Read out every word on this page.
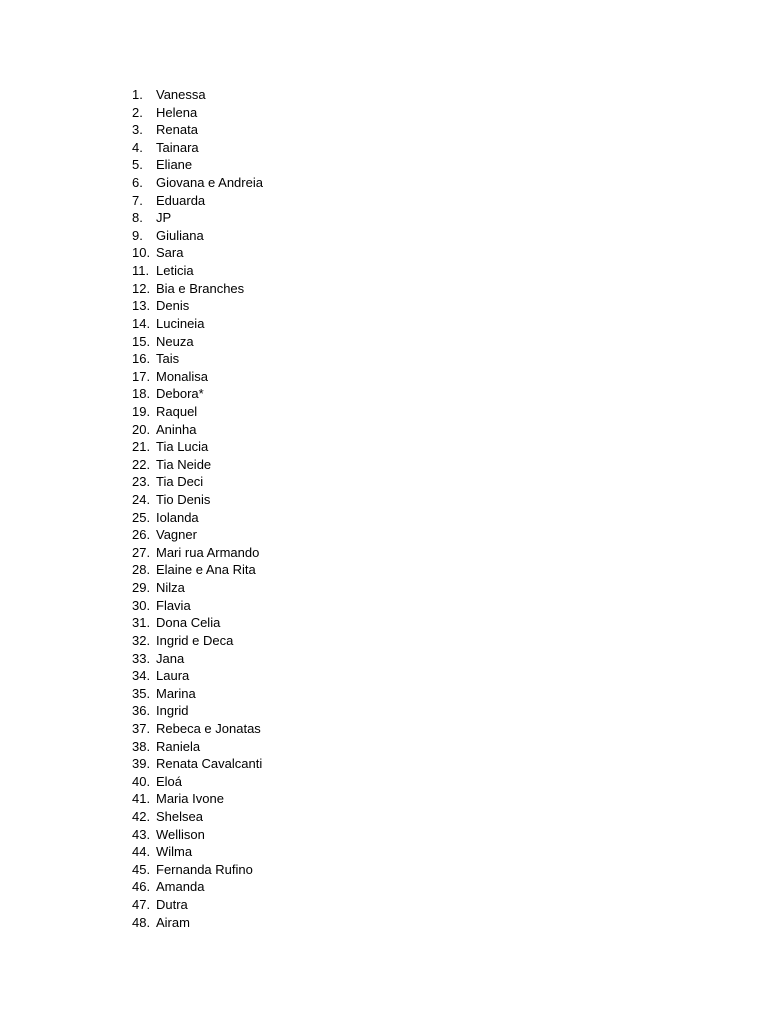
1.	Vanessa
2.	Helena
3.	Renata
4.	Tainara
5.	Eliane
6.	Giovana e Andreia
7.	Eduarda
8.	JP
9.	Giuliana
10. Sara
11. Leticia
12. Bia e Branches
13. Denis
14. Lucineia
15. Neuza
16. Tais
17. Monalisa
18. Debora*
19. Raquel
20. Aninha
21. Tia Lucia
22. Tia Neide
23. Tia Deci
24. Tio Denis
25. Iolanda
26. Vagner
27. Mari rua Armando
28. Elaine e Ana Rita
29. Nilza
30. Flavia
31. Dona Celia
32. Ingrid e Deca
33. Jana
34. Laura
35. Marina
36. Ingrid
37. Rebeca e Jonatas
38. Raniela
39. Renata Cavalcanti
40. Eloá
41. Maria Ivone
42. Shelsea
43. Wellison
44. Wilma
45. Fernanda Rufino
46. Amanda
47. Dutra
48. Airam
